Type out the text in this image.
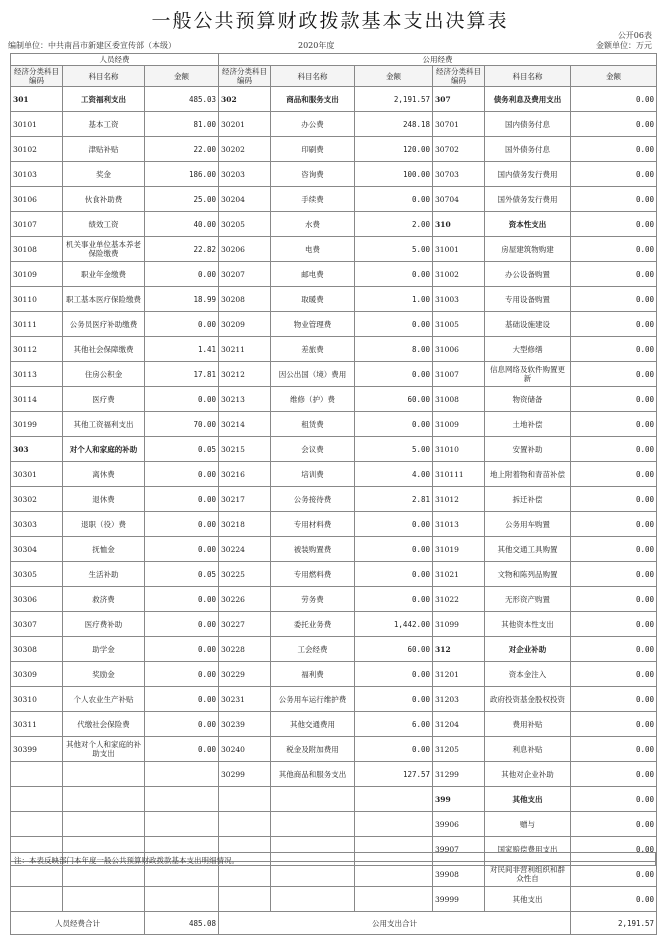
一般公共预算财政拨款基本支出决算表
公开06表
编制单位：中共南昌市新建区委宣传部（本级）	2020年度	金额单位：万元
人员经费			公用经费					
经济分类科目编码	科目名称	金额	经济分类科目编码	科目名称	金额	经济分类科目编码	科目名称	金额
301	工资福利支出	485.03	302	商品和服务支出	2,191.57	307	债务利息及费用支出	0.00
30101	基本工资	81.00	30201	办公费	248.18	30701	国内债务付息	0.00
30102	津贴补贴	22.00	30202	印刷费	120.00	30702	国外债务付息	0.00
30103	奖金	186.00	30203	咨询费	100.00	30703	国内债务发行费用	0.00
30106	伙食补助费	25.00	30204	手续费	0.00	30704	国外债务发行费用	0.00
30107	绩效工资	40.00	30205	水费	2.00	310	资本性支出	0.00
30108	机关事业单位基本养老保险缴费	22.82	30206	电费	5.00	31001	房屋建筑物购建	0.00
30109	职业年金缴费	0.00	30207	邮电费	0.00	31002	办公设备购置	0.00
30110	职工基本医疗保险缴费	18.99	30208	取暖费	1.00	31003	专用设备购置	0.00
30111	公务员医疗补助缴费	0.00	30209	物业管理费	0.00	31005	基础设施建设	0.00
30112	其他社会保障缴费	1.41	30211	差旅费	8.00	31006	大型修缮	0.00
30113	住房公积金	17.81	30212	因公出国（境）费用	0.00	31007	信息网络及软件购置更新	0.00
30114	医疗费	0.00	30213	维修（护）费	60.00	31008	物资储备	0.00
30199	其他工资福利支出	70.00	30214	租赁费	0.00	31009	土地补偿	0.00
303	对个人和家庭的补助	0.05	30215	会议费	5.00	31010	安置补助	0.00
30301	离休费	0.00	30216	培训费	4.00	310111	地上附着物和青苗补偿	0.00
30302	退休费	0.00	30217	公务接待费	2.81	31012	拆迁补偿	0.00
30303	退职（役）费	0.00	30218	专用材料费	0.00	31013	公务用车购置	0.00
30304	抚恤金	0.00	30224	被装购置费	0.00	31019	其他交通工具购置	0.00
30305	生活补助	0.05	30225	专用燃料费	0.00	31021	文物和陈列品购置	0.00
30306	救济费	0.00	30226	劳务费	0.00	31022	无形资产购置	0.00
30307	医疗费补助	0.00	30227	委托业务费	1,442.00	31099	其他资本性支出	0.00
30308	助学金	0.00	30228	工会经费	60.00	312	对企业补助	0.00
30309	奖励金	0.00	30229	福利费	0.00	31201	资本金注入	0.00
30310	个人农业生产补贴	0.00	30231	公务用车运行维护费	0.00	31203	政府投资基金股权投资	0.00
30311	代缴社会保险费	0.00	30239	其他交通费用	6.00	31204	费用补贴	0.00
30399	其他对个人和家庭的补助支出	0.00	30240	税金及附加费用	0.00	31205	利息补贴	0.00
			30299	其他商品和服务支出	127.57	31299	其他对企业补助	0.00
						399	其他支出	0.00
						39906	赠与	0.00
						39907	国家赔偿费用支出	0.00
						39908	对民间非营利组织和群众性自	0.00
						39999	其他支出	0.00
人员经费合计		485.08	公用支出合计					2,191.57
注：本表反映部门本年度一般公共预算财政拨款基本支出明细情况。
